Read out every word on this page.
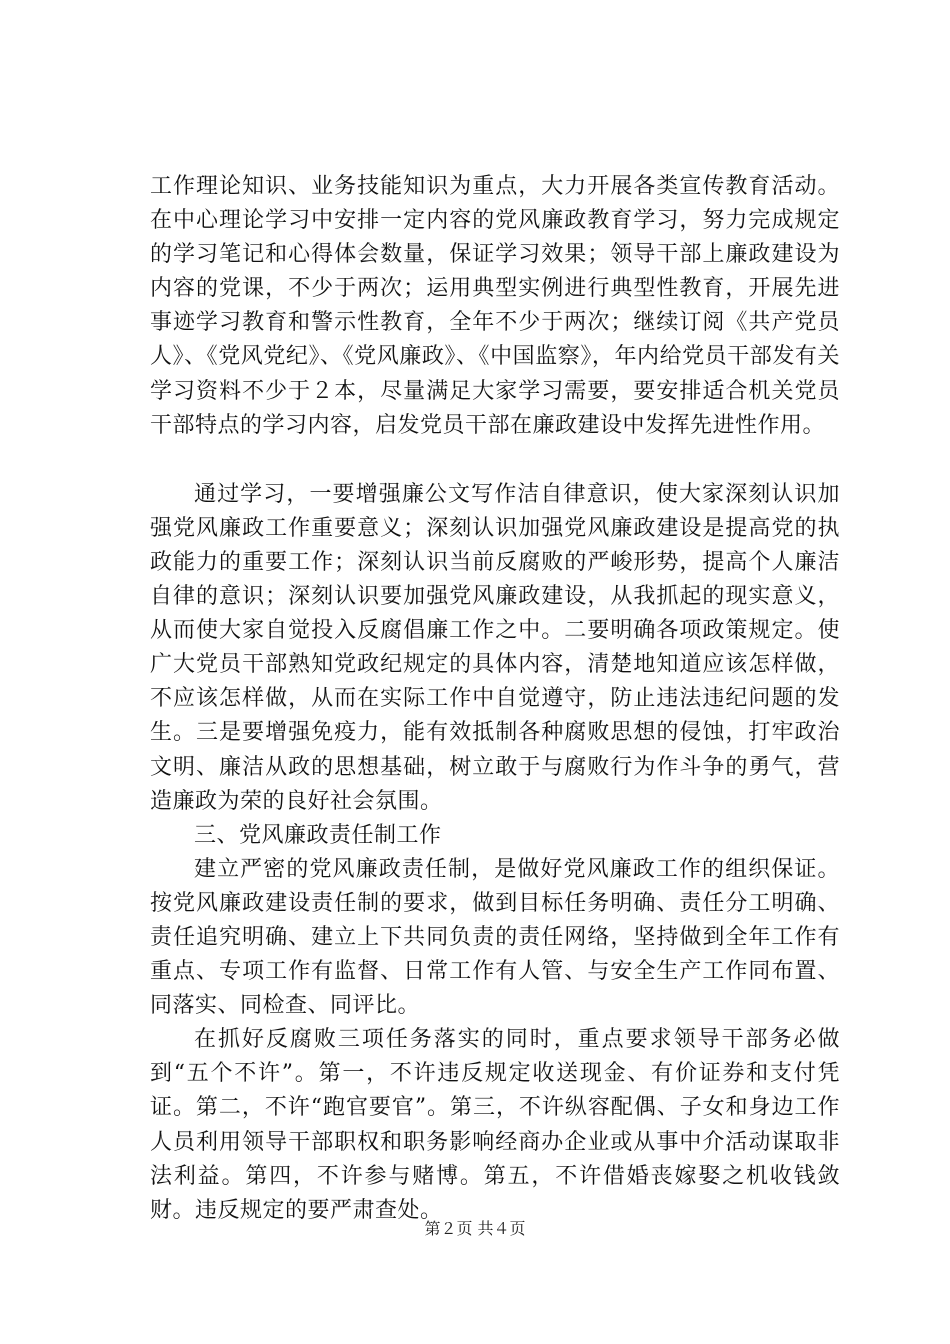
工作理论知识、业务技能知识为重点，大力开展各类宣传教育活动。在中心理论学习中安排一定内容的党风廉政教育学习，努力完成规定的学习笔记和心得体会数量，保证学习效果；领导干部上廉政建设为内容的党课，不少于两次；运用典型实例进行典型性教育，开展先进事迹学习教育和警示性教育，全年不少于两次；继续订阅《共产党员人》、《党风党纪》、《党风廉政》、《中国监察》，年内给党员干部发有关学习资料不少于２本，尽量满足大家学习需要，要安排适合机关党员干部特点的学习内容，启发党员干部在廉政建设中发挥先进性作用。

通过学习，一要增强廉公文写作洁自律意识，使大家深刻认识加强党风廉政工作重要意义；深刻认识加强党风廉政建设是提高党的执政能力的重要工作；深刻认识当前反腐败的严峻形势，提高个人廉洁自律的意识；深刻认识要加强党风廉政建设，从我抓起的现实意义，从而使大家自觉投入反腐倡廉工作之中。二要明确各项政策规定。使广大党员干部熟知党政纪规定的具体内容，清楚地知道应该怎样做，不应该怎样做，从而在实际工作中自觉遵守，防止违法违纪问题的发生。三是要增强免疫力，能有效抵制各种腐败思想的侵蚀，打牢政治文明、廉洁从政的思想基础，树立敢于与腐败行为作斗争的勇气，营造廉政为荣的良好社会氛围。

三、党风廉政责任制工作

建立严密的党风廉政责任制，是做好党风廉政工作的组织保证。按党风廉政建设责任制的要求，做到目标任务明确、责任分工明确、责任追究明确、建立上下共同负责的责任网络，坚持做到全年工作有重点、专项工作有监督、日常工作有人管、与安全生产工作同布置、同落实、同检查、同评比。

在抓好反腐败三项任务落实的同时，重点要求领导干部务必做到“五个不许”。第一，不许违反规定收送现金、有价证券和支付凭证。第二，不许“跑官要官”。第三，不许纵容配偶、子女和身边工作人员利用领导干部职权和职务影响经商办企业或从事中介活动谋取非法利益。第四，不许参与赌博。第五，不许借婚丧嫁娶之机收钱敛财。违反规定的要严肃查处。

第２页 共４页
